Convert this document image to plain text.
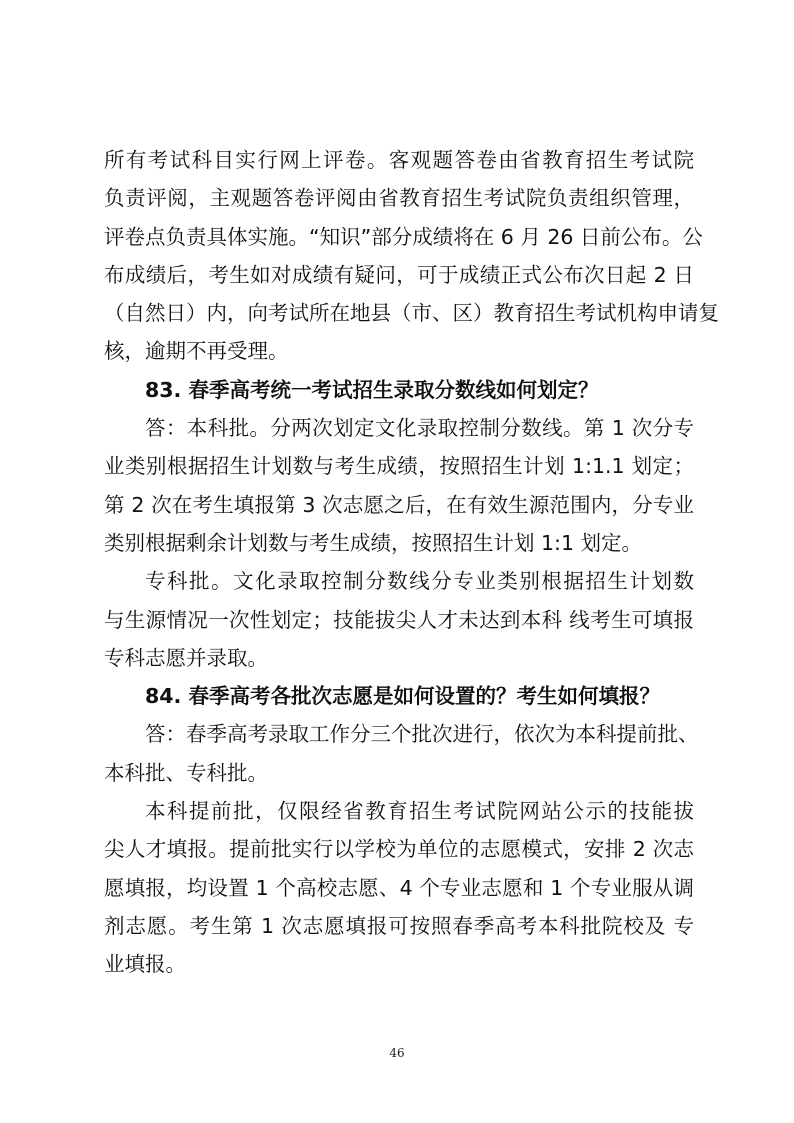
所有考试科目实行网上评卷。客观题答卷由省教育招生考试院
负责评阅，主观题答卷评阅由省教育招生考试院负责组织管理，
评卷点负责具体实施。“知识”部分成绩将在 6 月 26 日前公布。公
布成绩后，考生如对成绩有疑问，可于成绩正式公布次日起 2 日
（自然日）内，向考试所在地县（市、区）教育招生考试机构申请复
核，逾期不再受理。
83. 春季高考统一考试招生录取分数线如何划定？
答：本科批。分两次划定文化录取控制分数线。第 1 次分专
业类别根据招生计划数与考生成绩，按照招生计划 1:1.1 划定；
第 2 次在考生填报第 3 次志愿之后，在有效生源范围内，分专业
类别根据剩余计划数与考生成绩，按照招生计划 1:1 划定。
专科批。文化录取控制分数线分专业类别根据招生计划数
与生源情况一次性划定；技能拔尖人才未达到本科 线考生可填报
专科志愿并录取。
84. 春季高考各批次志愿是如何设置的？考生如何填报？
答：春季高考录取工作分三个批次进行，依次为本科提前批、
本科批、专科批。
本科提前批，仅限经省教育招生考试院网站公示的技能拔
尖人才填报。提前批实行以学校为单位的志愿模式，安排 2 次志
愿填报，均设置 1 个高校志愿、4 个专业志愿和 1 个专业服从调
剂志愿。考生第 1 次志愿填报可按照春季高考本科批院校及 专
业填报。
46
